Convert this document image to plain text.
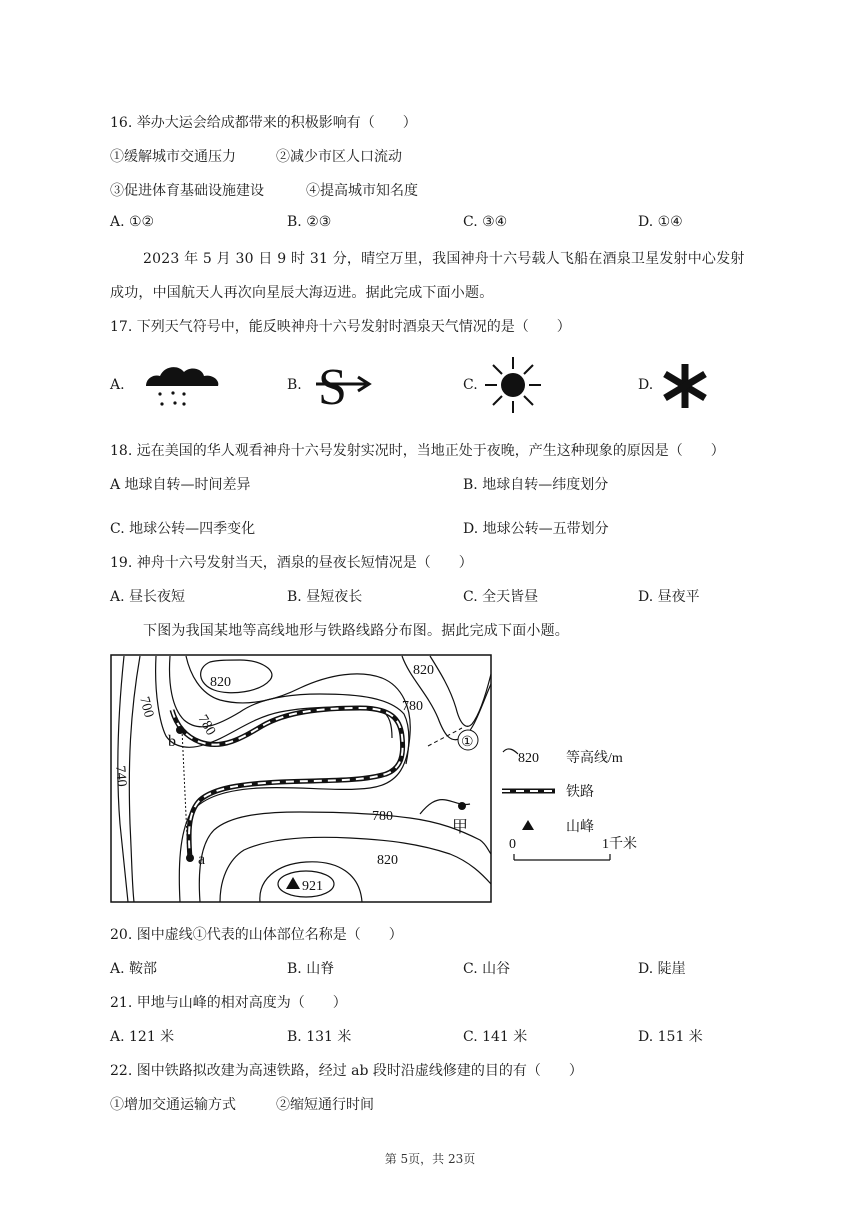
16. 举办大运会给成都带来的积极影响有（　　）
①缓解城市交通压力	②减少市区人口流动
③促进体育基础设施建设	④提高城市知名度
A. ①②	B. ②③	C. ③④	D. ①④
2023 年 5 月 30 日 9 时 31 分，晴空万里，我国神舟十六号载人飞船在酒泉卫星发射中心发射
成功，中国航天人再次向星辰大海迈进。据此完成下面小题。
17. 下列天气符号中，能反映神舟十六号发射时酒泉天气情况的是（　　）
A.	B.	C.	D.
S
18. 远在美国的华人观看神舟十六号发射实况时，当地正处于夜晚，产生这种现象的原因是（　　）
A 地球自转—时间差异	B. 地球自转—纬度划分
C. 地球公转—四季变化	D. 地球公转—五带划分
19. 神舟十六号发射当天，酒泉的昼夜长短情况是（　　）
A. 昼长夜短	B. 昼短夜长	C. 全天皆昼	D. 昼夜平
下图为我国某地等高线地形与铁路线路分布图。据此完成下面小题。
700
740
820
780
780
820
780
820
921
b
a
甲
①
820 等高线/m
铁路
山峰
0	1千米
20. 图中虚线①代表的山体部位名称是（　　）
A. 鞍部	B. 山脊	C. 山谷	D. 陡崖
21. 甲地与山峰的相对高度为（　　）
A. 121 米	B. 131 米	C. 141 米	D. 151 米
22. 图中铁路拟改建为高速铁路，经过 ab 段时沿虚线修建的目的有（　　）
①增加交通运输方式	②缩短通行时间
第 5页，共 23页
